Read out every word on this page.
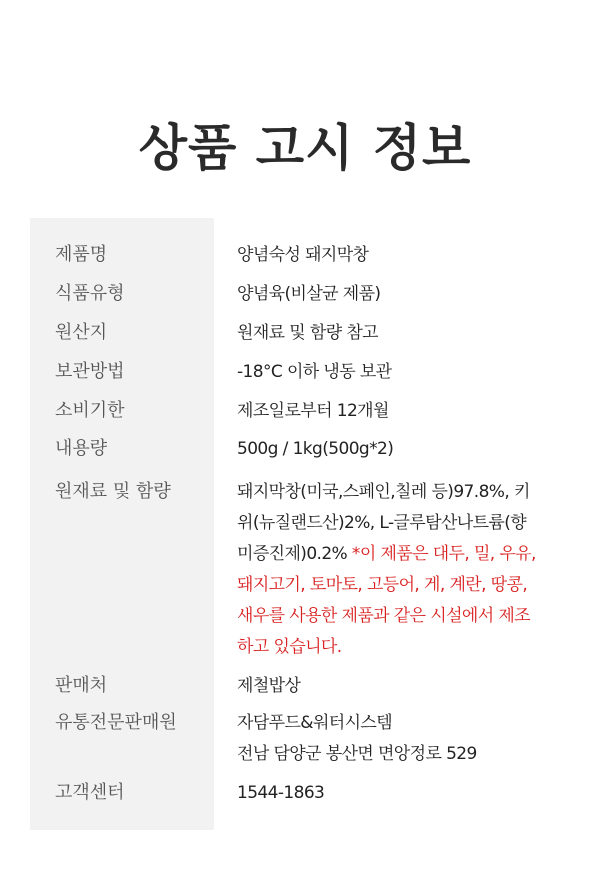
상품 고시 정보
제품명	양념숙성 돼지막창
식품유형	양념육(비살균 제품)
원산지	원재료 및 함량 참고
보관방법	-18°C 이하 냉동 보관
소비기한	제조일로부터 12개월
내용량	500g / 1kg(500g*2)
원재료 및 함량	돼지막창(미국,스페인,칠레 등)97.8%, 키
위(뉴질랜드산)2%, L-글루탐산나트륨(향
미증진제)0.2% *이 제품은 대두, 밀, 우유,
돼지고기, 토마토, 고등어, 게, 계란, 땅콩,
새우를 사용한 제품과 같은 시설에서 제조
하고 있습니다.
판매처	제철밥상
유통전문판매원	자담푸드&워터시스템
전남 담양군 봉산면 면앙정로 529
고객센터	1544-1863
